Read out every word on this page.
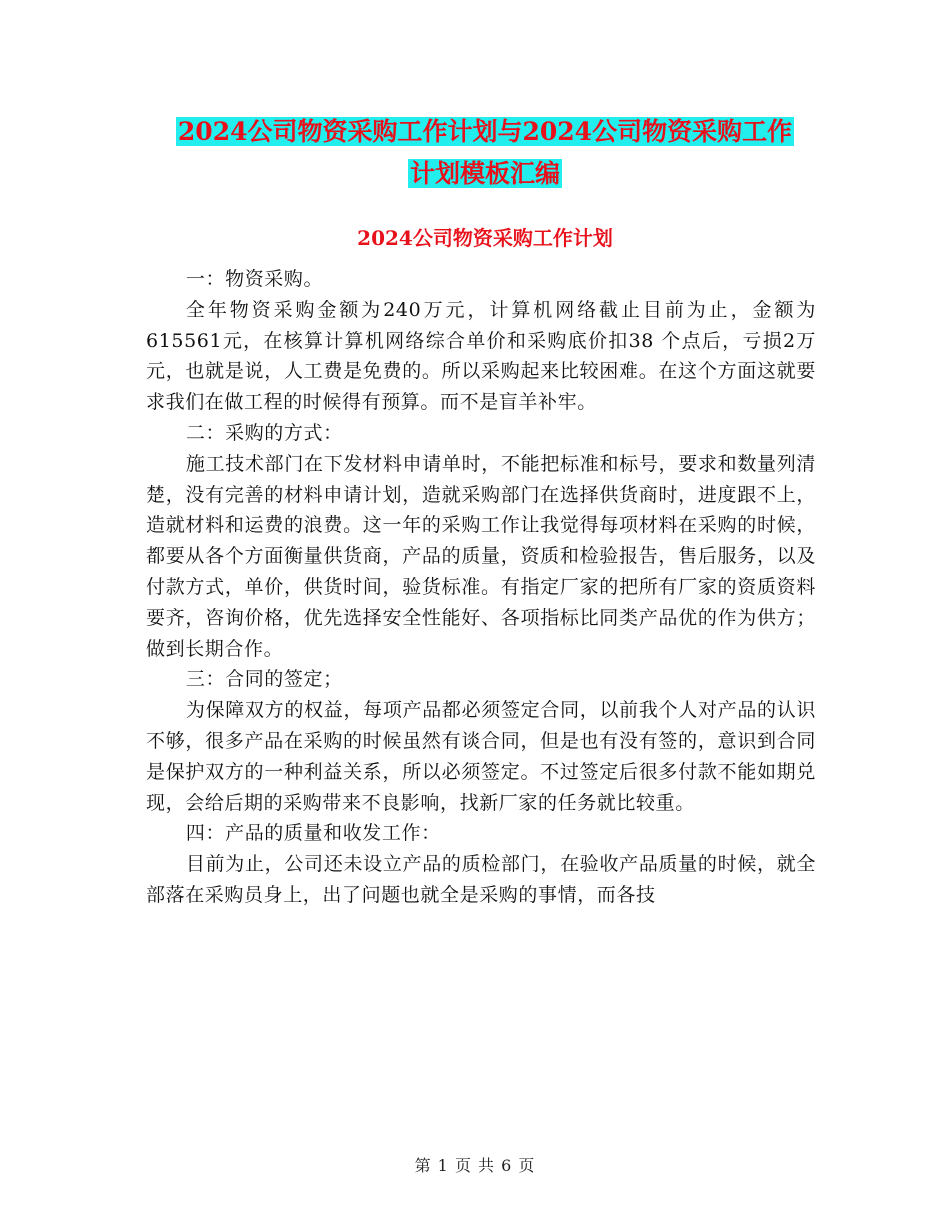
2024公司物资采购工作计划与2024公司物资采购工作
计划模板汇编
2024公司物资采购工作计划

一：物资采购。

全年物资采购金额为240万元，计算机网络截止目前为止，金额为615561元，在核算计算机网络综合单价和采购底价扣38 个点后，亏损2万元，也就是说，人工费是免费的。所以采购起来比较困难。在这个方面这就要求我们在做工程的时候得有预算。而不是盲羊补牢。

二：采购的方式：

施工技术部门在下发材料申请单时，不能把标准和标号，要求和数量列清楚，没有完善的材料申请计划，造就采购部门在选择供货商时，进度跟不上，造就材料和运费的浪费。这一年的采购工作让我觉得每项材料在采购的时候，都要从各个方面衡量供货商，产品的质量，资质和检验报告，售后服务，以及付款方式，单价，供货时间，验货标准。有指定厂家的把所有厂家的资质资料要齐，咨询价格，优先选择安全性能好、各项指标比同类产品优的作为供方；做到长期合作。

三：合同的签定；

为保障双方的权益，每项产品都必须签定合同，以前我个人对产品的认识不够，很多产品在采购的时候虽然有谈合同，但是也有没有签的，意识到合同是保护双方的一种利益关系，所以必须签定。不过签定后很多付款不能如期兑现，会给后期的采购带来不良影响，找新厂家的任务就比较重。

四：产品的质量和收发工作：

目前为止，公司还未设立产品的质检部门，在验收产品质量的时候，就全部落在采购员身上，出了问题也就全是采购的事情，而各技

第 1 页 共 6 页
